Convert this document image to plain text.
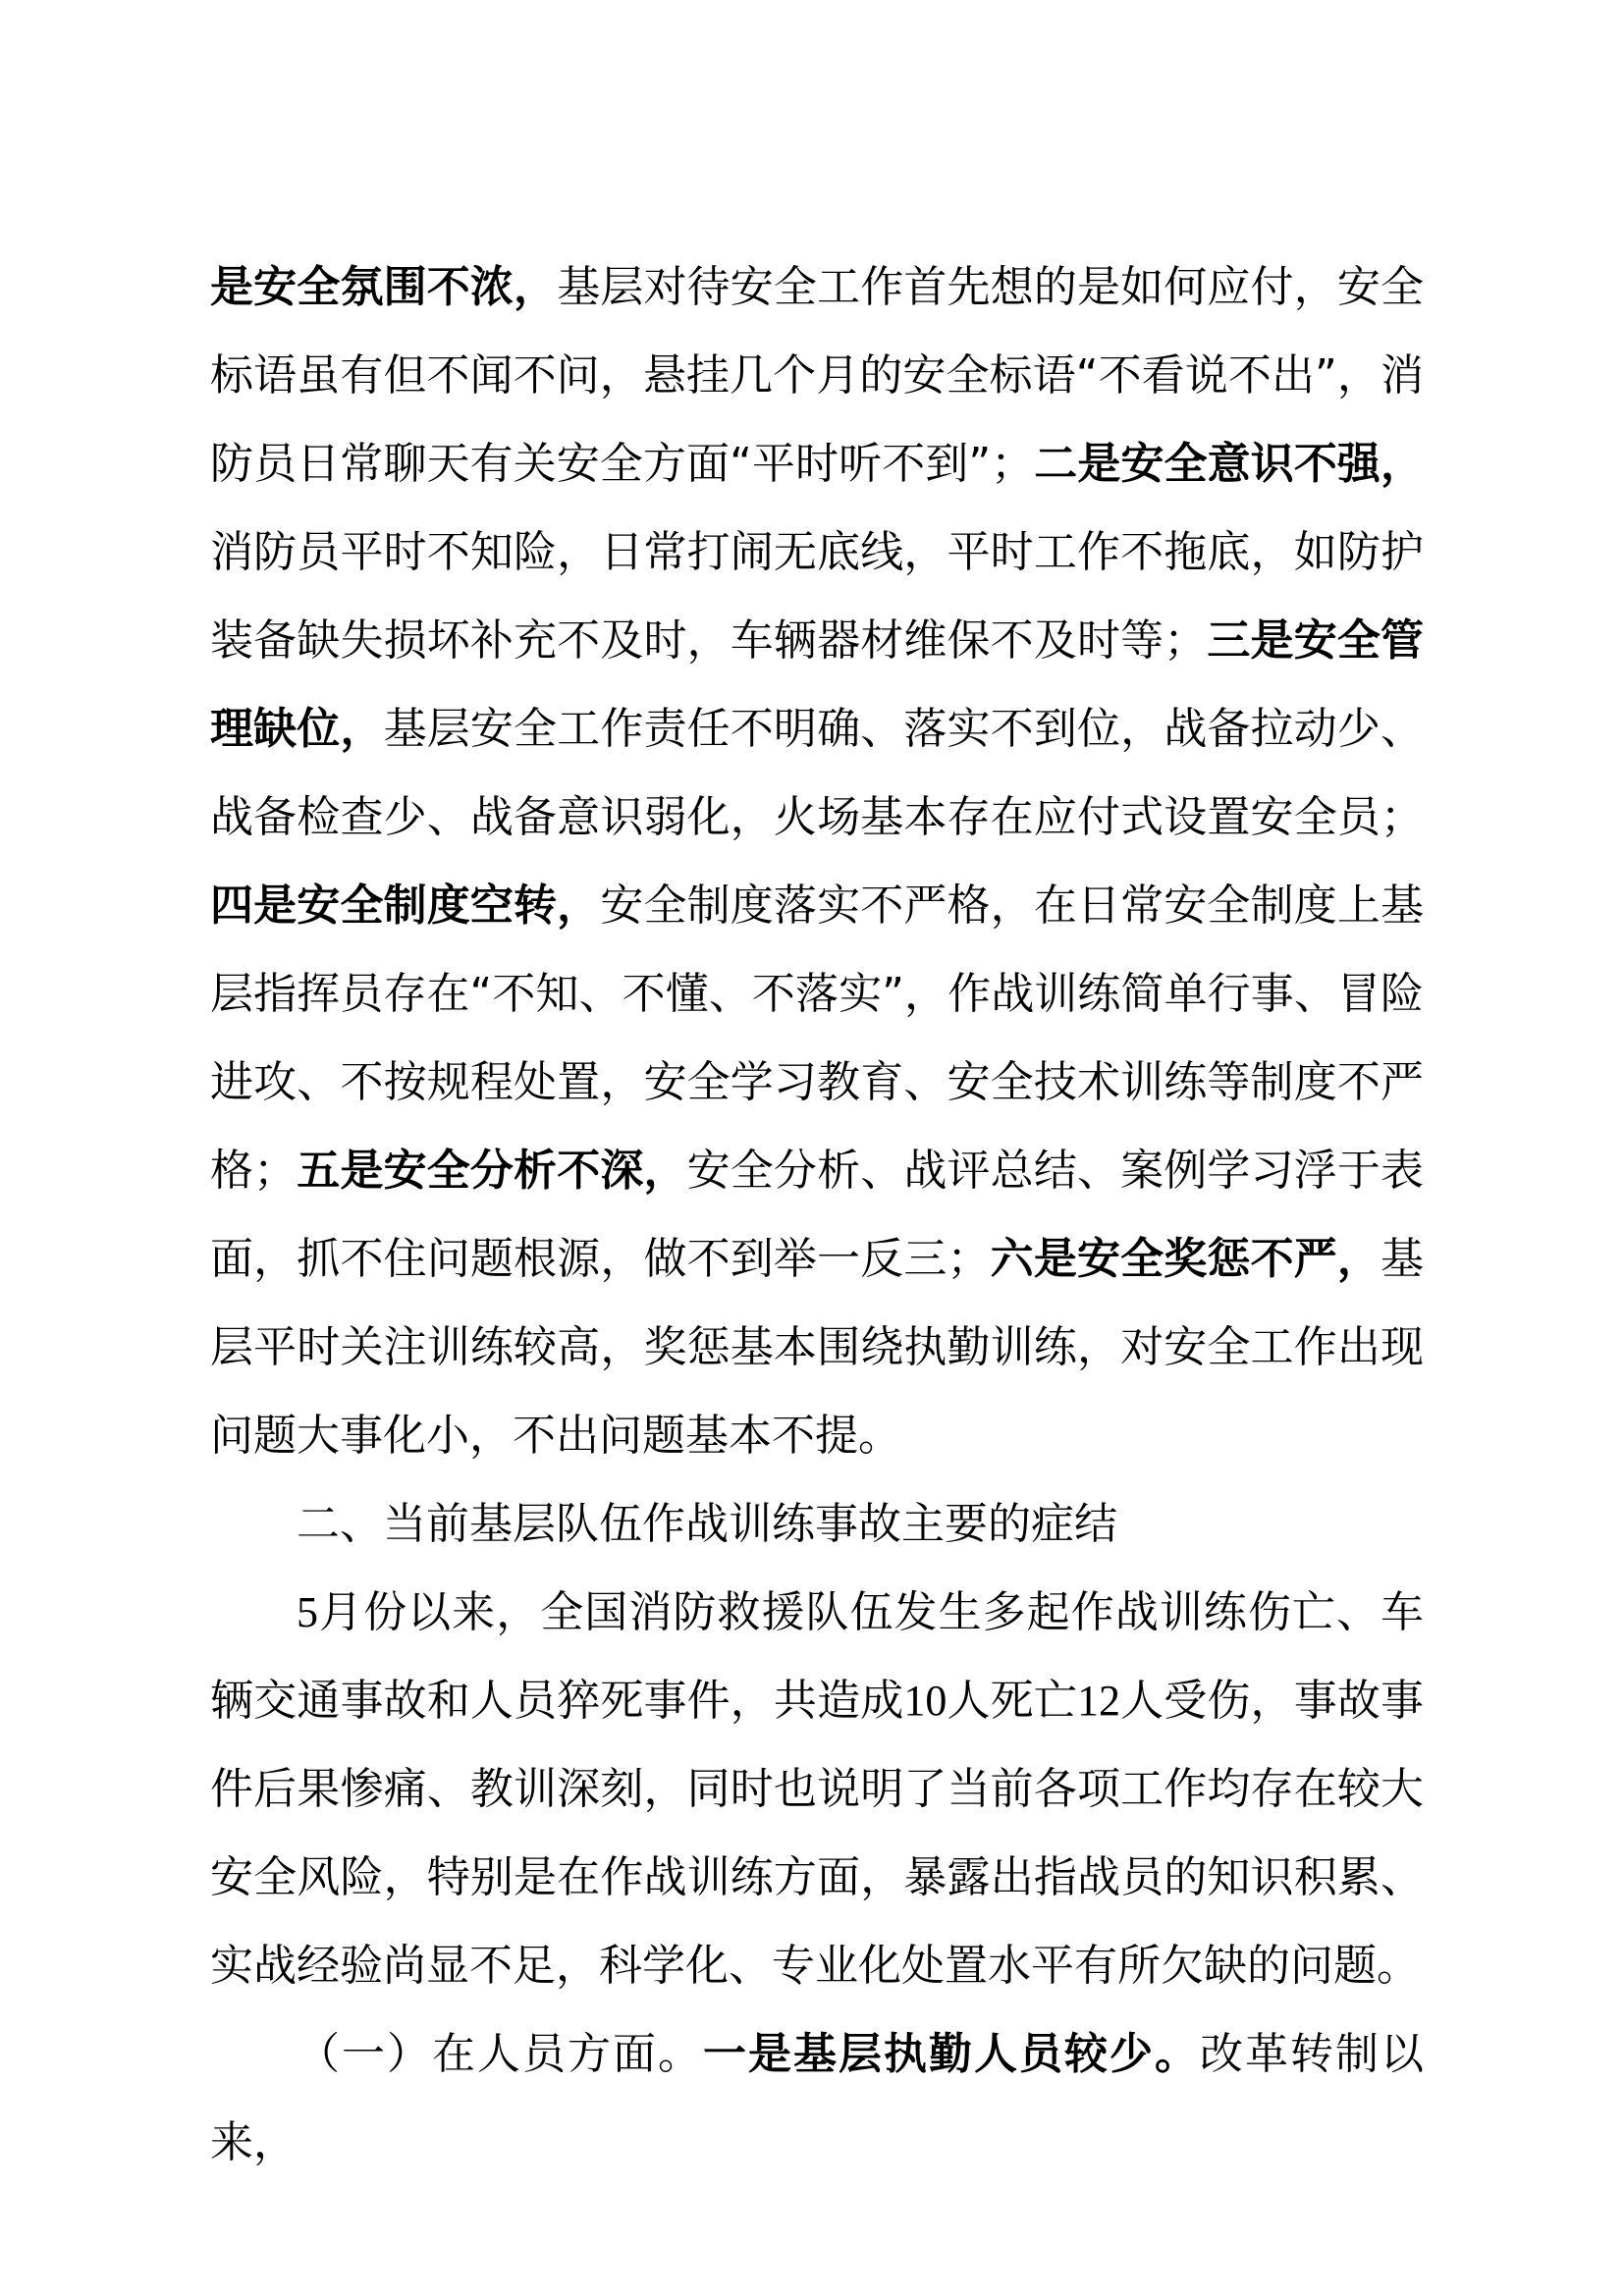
是安全氛围不浓，基层对待安全工作首先想的是如何应付，安全标语虽有但不闻不问，悬挂几个月的安全标语“不看说不出”，消防员日常聊天有关安全方面“平时听不到”；二是安全意识不强，消防员平时不知险，日常打闹无底线，平时工作不拖底，如防护装备缺失损坏补充不及时，车辆器材维保不及时等；三是安全管理缺位，基层安全工作责任不明确、落实不到位，战备拉动少、战备检查少、战备意识弱化，火场基本存在应付式设置安全员；四是安全制度空转，安全制度落实不严格，在日常安全制度上基层指挥员存在“不知、不懂、不落实”，作战训练简单行事、冒险进攻、不按规程处置，安全学习教育、安全技术训练等制度不严格；五是安全分析不深，安全分析、战评总结、案例学习浮于表面，抓不住问题根源，做不到举一反三；六是安全奖惩不严，基层平时关注训练较高，奖惩基本围绕执勤训练，对安全工作出现问题大事化小，不出问题基本不提。

二、当前基层队伍作战训练事故主要的症结

5月份以来，全国消防救援队伍发生多起作战训练伤亡、车辆交通事故和人员猝死事件，共造成10人死亡12人受伤，事故事件后果惨痛、教训深刻，同时也说明了当前各项工作均存在较大安全风险，特别是在作战训练方面，暴露出指战员的知识积累、实战经验尚显不足，科学化、专业化处置水平有所欠缺的问题。

（一）在人员方面。一是基层执勤人员较少。改革转制以来，
